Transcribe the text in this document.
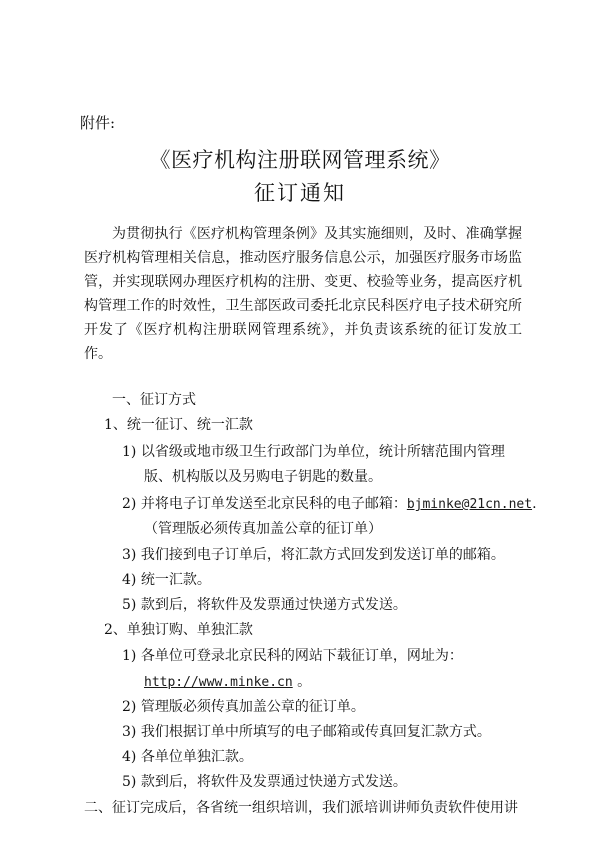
附件:
《医疗机构注册联网管理系统》
征订通知
为贯彻执行《医疗机构管理条例》及其实施细则，及时、准确掌握医疗机构管理相关信息，推动医疗服务信息公示，加强医疗服务市场监管，并实现联网办理医疗机构的注册、变更、校验等业务，提高医疗机构管理工作的时效性，卫生部医政司委托北京民科医疗电子技术研究所开发了《医疗机构注册联网管理系统》，并负责该系统的征订发放工作。
一、征订方式
1、统一征订、统一汇款
1) 以省级或地市级卫生行政部门为单位，统计所辖范围内管理
版、机构版以及另购电子钥匙的数量。
2) 并将电子订单发送至北京民科的电子邮箱：bjminke@21cn.net.
（管理版必须传真加盖公章的征订单）
3) 我们接到电子订单后，将汇款方式回发到发送订单的邮箱。
4) 统一汇款。
5) 款到后，将软件及发票通过快递方式发送。
2、单独订购、单独汇款
1) 各单位可登录北京民科的网站下载征订单，网址为：
http://www.minke.cn 。
2) 管理版必须传真加盖公章的征订单。
3) 我们根据订单中所填写的电子邮箱或传真回复汇款方式。
4) 各单位单独汇款。
5) 款到后，将软件及发票通过快递方式发送。
二、征订完成后，各省统一组织培训，我们派培训讲师负责软件使用讲
